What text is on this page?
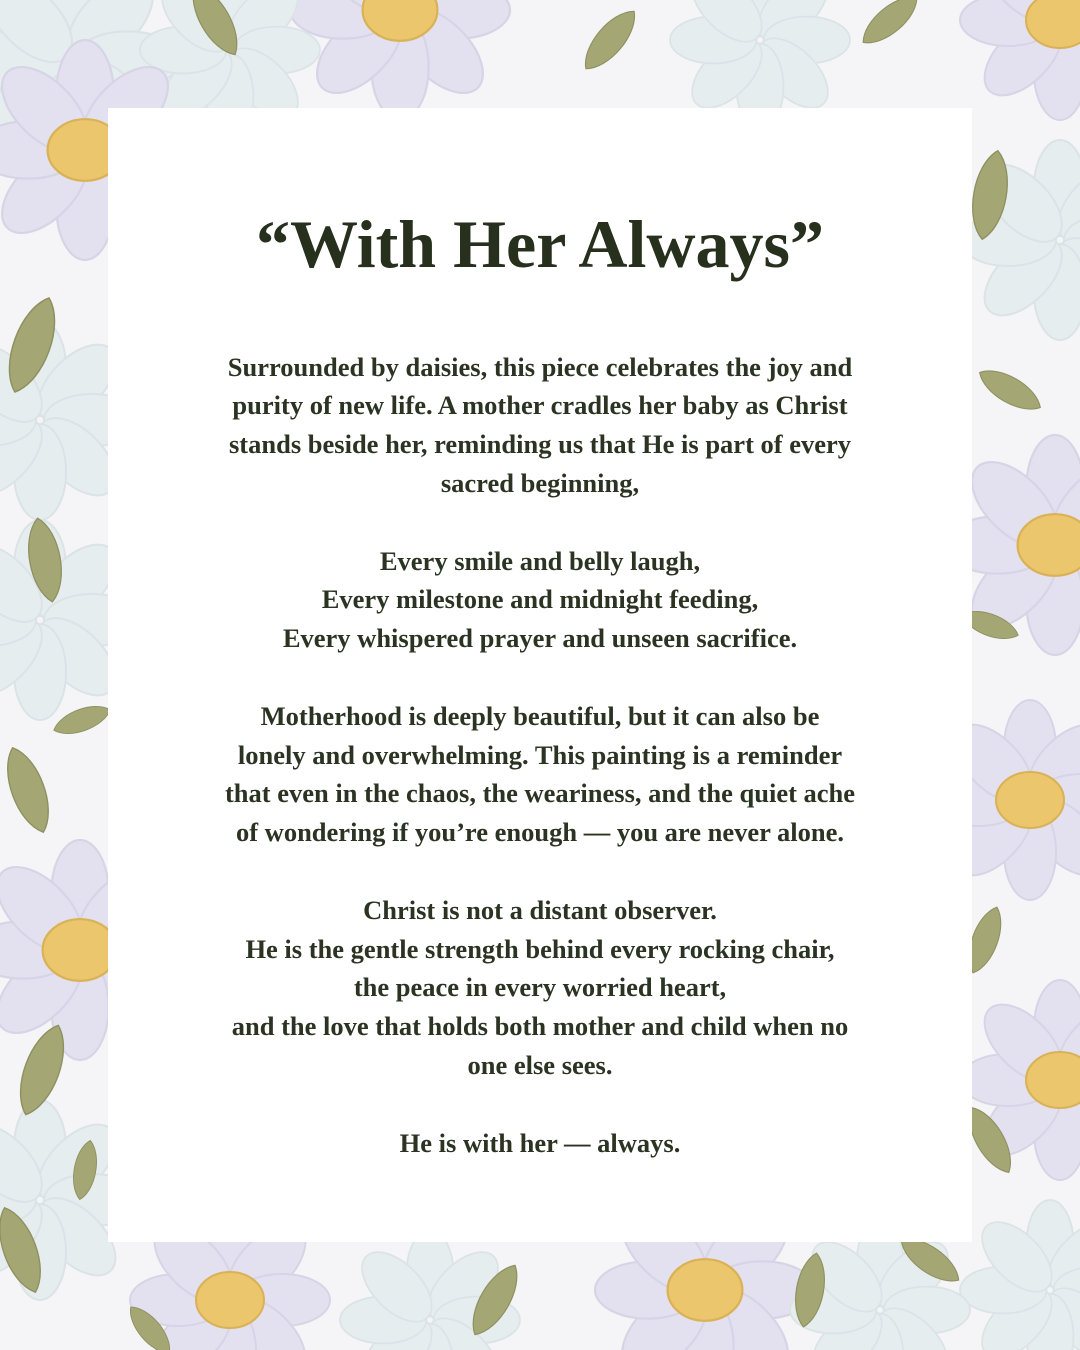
“With Her Always”

Surrounded by daisies, this piece celebrates the joy and
purity of new life. A mother cradles her baby as Christ
stands beside her, reminding us that He is part of every
sacred beginning,

Every smile and belly laugh,
Every milestone and midnight feeding,
Every whispered prayer and unseen sacrifice.

Motherhood is deeply beautiful, but it can also be
lonely and overwhelming. This painting is a reminder
that even in the chaos, the weariness, and the quiet ache
of wondering if you’re enough — you are never alone.

Christ is not a distant observer.
He is the gentle strength behind every rocking chair,
the peace in every worried heart,
and the love that holds both mother and child when no
one else sees.

He is with her — always.
